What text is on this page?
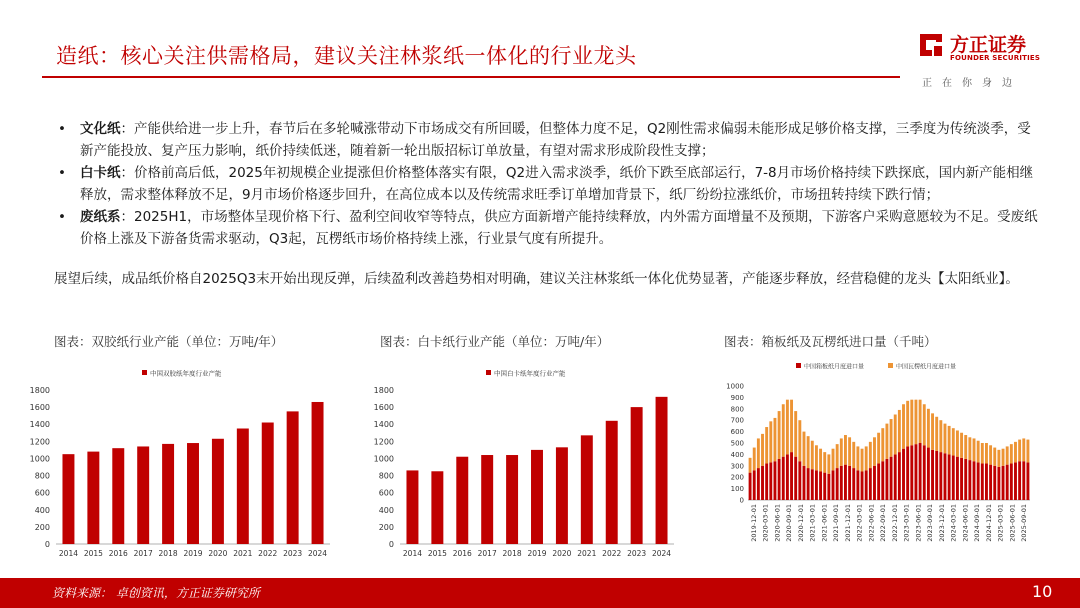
造纸：核心关注供需格局，建议关注林浆纸一体化的行业龙头	方正证券
FOUNDER SECURITIES
正在你身边
• 文化纸：产能供给进一步上升，春节后在多轮喊涨带动下市场成交有所回暖，但整体力度不足，Q2刚性需求偏弱未能形成足够价格支撑，三季度为传统淡季，受新产能投放、复产压力影响，纸价持续低迷，随着新一轮出版招标订单放量，有望对需求形成阶段性支撑；
• 白卡纸：价格前高后低，2025年初规模企业提涨但价格整体落实有限，Q2进入需求淡季，纸价下跌至底部运行，7-8月市场价格持续下跌探底，国内新产能相继释放，需求整体释放不足，9月市场价格逐步回升，在高位成本以及传统需求旺季订单增加背景下，纸厂纷纷拉涨纸价，市场扭转持续下跌行情；
• 废纸系：2025H1，市场整体呈现价格下行、盈利空间收窄等特点，供应方面新增产能持续释放，内外需方面增量不及预期，下游客户采购意愿较为不足。受废纸价格上涨及下游备货需求驱动，Q3起，瓦楞纸市场价格持续上涨，行业景气度有所提升。
展望后续，成品纸价格自2025Q3末开始出现反弹，后续盈利改善趋势相对明确，建议关注林浆纸一体化优势显著，产能逐步释放，经营稳健的龙头【太阳纸业】。
图表：双胶纸行业产能（单位：万吨/年）	图表：白卡纸行业产能（单位：万吨/年）	图表：箱板纸及瓦楞纸进口量（千吨）
中国双胶纸年度行业产能
0
200
400
600
800
1000
1200
1400
1600
1800
2014 2015 2016 2017 2018 2019 2020 2021 2022 2023 2024
中国白卡纸年度行业产能
0
200
400
600
800
1000
1200
1400
1600
1800
2014 2015 2016 2017 2018 2019 2020 2021 2022 2023 2024
中国箱板纸月度进口量	中国瓦楞纸月度进口量
0
100
200
300
400
500
600
700
800
900
1000
2019-12-01 2020-03-01 2020-06-01 2020-09-01 2020-12-01 2021-03-01 2021-06-01 2021-09-01 2021-12-01 2022-03-01 2022-06-01 2022-09-01 2022-12-01 2023-03-01 2023-06-01 2023-09-01 2023-12-01 2024-03-01 2024-06-01 2024-09-01 2024-12-01 2025-03-01 2025-06-01 2025-09-01
资料来源： 卓创资讯，方正证券研究所	10
